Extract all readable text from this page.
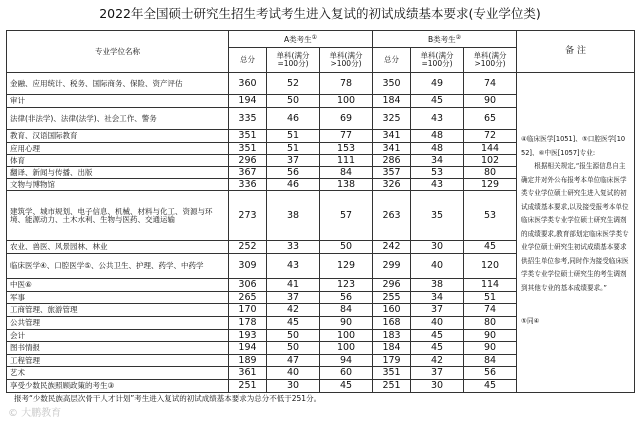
2022年全国硕士研究生招生考试考生进入复试的初试成绩基本要求(专业学位类)
专业学位名称	A类考生①			B类考生②			备 注
	总分	单科(满分=100分)	单科(满分>100分)	总分	单科(满分=100分)	单科(满分>100分)	
金融、应用统计、税务、国际商务、保险、资产评估	360	52	78	350	49	74	④临床医学[1051]、⑤口腔医学[1052]、⑥中医[1057]专业:
根据相关规定,“报生源信息自主确定并对外公布报考本单位临床医学类专业学位硕士研究生进入复试的初试成绩基本要求,以及接受报考本单位临床医学类专业学位硕士研究生调剂的成绩要求,教育部划定临床医学类专业学位硕士研究生初试成绩基本要求供招生单位参考,同时作为接受临床医学类专业学位硕士研究生的考生调剂到其他专业的基本成绩要求。”
⑤同④

审计	194	50	100	184	45	90	
法律(非法学)、法律(法学)、社会工作、警务	335	46	69	325	43	65	
教育、汉语国际教育	351	51	77	341	48	72	
应用心理	351	51	153	341	48	144	
体育	296	37	111	286	34	102	
翻译、新闻与传播、出版	367	56	84	357	53	80	
文物与博物馆	336	46	138	326	43	129	
建筑学、城市规划、电子信息、机械、材料与化工、资源与环境、能源动力、土木水利、生物与医药、交通运输	273	38	57	263	35	53	
农业、兽医、风景园林、林业	252	33	50	242	30	45	
临床医学④、口腔医学⑤、公共卫生、护理、药学、中药学	309	43	129	299	40	120	
中医⑥	306	41	123	296	38	114	
军事	265	37	56	255	34	51	
工商管理、旅游管理	170	42	84	160	37	74	
公共管理	178	45	90	168	40	80	
会计	193	50	100	183	45	90	
图书情报	194	50	100	184	45	90	
工程管理	189	47	94	179	42	84	
艺术	361	40	60	351	37	56	
享受少数民族照顾政策的考生③	251	30	45	251	30	45	
报考“少数民族高层次骨干人才计划”考生进入复试的初试成绩基本要求为总分不低于251分。
© 大鹏教育
